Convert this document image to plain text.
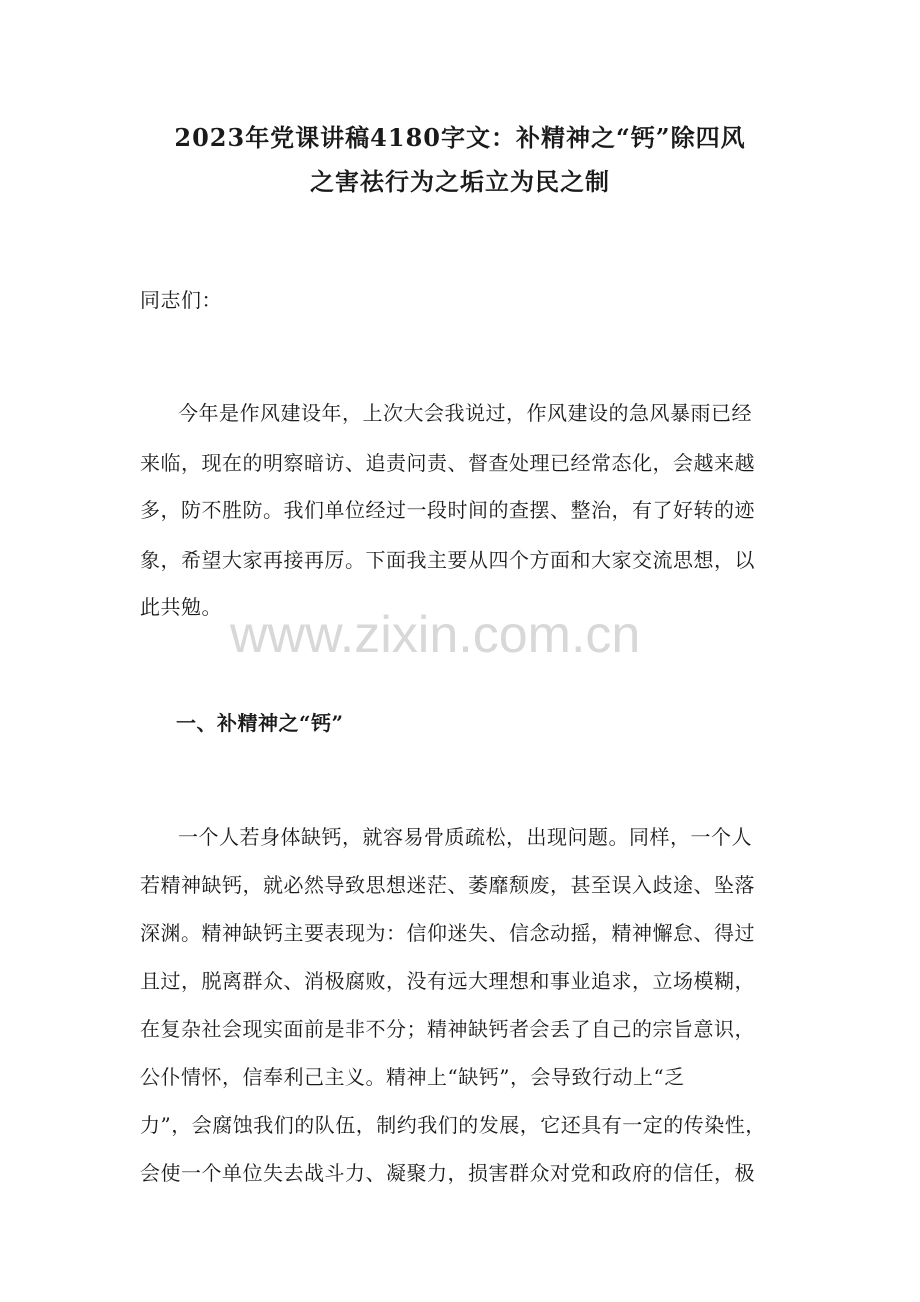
2023年党课讲稿4180字文：补精神之“钙”除四风
之害祛行为之垢立为民之制
同志们：
今年是作风建设年，上次大会我说过，作风建设的急风暴雨已经
来临，现在的明察暗访、追责问责、督查处理已经常态化，会越来越
多，防不胜防。我们单位经过一段时间的查摆、整治，有了好转的迹
象，希望大家再接再厉。下面我主要从四个方面和大家交流思想，以
此共勉。 www.zixin.com.cn
一、补精神之“钙”
一个人若身体缺钙，就容易骨质疏松，出现问题。同样，一个人
若精神缺钙，就必然导致思想迷茫、萎靡颓废，甚至误入歧途、坠落
深渊。精神缺钙主要表现为：信仰迷失、信念动摇，精神懈怠、得过
且过，脱离群众、消极腐败，没有远大理想和事业追求，立场模糊，
在复杂社会现实面前是非不分；精神缺钙者会丢了自己的宗旨意识，
公仆情怀，信奉利己主义。精神上“缺钙”，会导致行动上“乏
力”，会腐蚀我们的队伍，制约我们的发展，它还具有一定的传染性，
会使一个单位失去战斗力、凝聚力，损害群众对党和政府的信任，极
